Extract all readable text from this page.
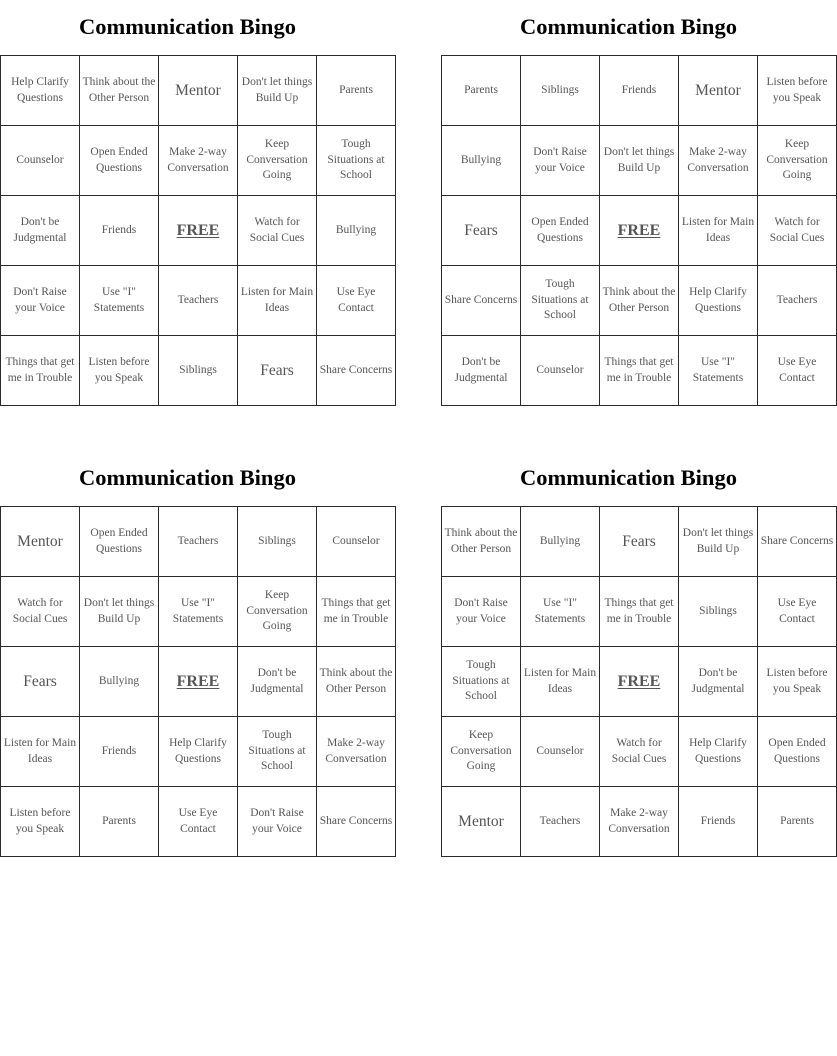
Communication Bingo
Help Clarify Questions	Think about the Other Person	Mentor	Don't let things Build Up	Parents
Counselor	Open Ended Questions	Make 2-way Conversation	Keep Conversation Going	Tough Situations at School
Don't be Judgmental	Friends	FREE	Watch for Social Cues	Bullying
Don't Raise your Voice	Use "I" Statements	Teachers	Listen for Main Ideas	Use Eye Contact
Things that get me in Trouble	Listen before you Speak	Siblings	Fears	Share Concerns
Communication Bingo
Parents	Siblings	Friends	Mentor	Listen before you Speak
Bullying	Don't Raise your Voice	Don't let things Build Up	Make 2-way Conversation	Keep Conversation Going
Fears	Open Ended Questions	FREE	Listen for Main Ideas	Watch for Social Cues
Share Concerns	Tough Situations at School	Think about the Other Person	Help Clarify Questions	Teachers
Don't be Judgmental	Counselor	Things that get me in Trouble	Use "I" Statements	Use Eye Contact
Communication Bingo
Mentor	Open Ended Questions	Teachers	Siblings	Counselor
Watch for Social Cues	Don't let things Build Up	Use "I" Statements	Keep Conversation Going	Things that get me in Trouble
Fears	Bullying	FREE	Don't be Judgmental	Think about the Other Person
Listen for Main Ideas	Friends	Help Clarify Questions	Tough Situations at School	Make 2-way Conversation
Listen before you Speak	Parents	Use Eye Contact	Don't Raise your Voice	Share Concerns
Communication Bingo
Think about the Other Person	Bullying	Fears	Don't let things Build Up	Share Concerns
Don't Raise your Voice	Use "I" Statements	Things that get me in Trouble	Siblings	Use Eye Contact
Tough Situations at School	Listen for Main Ideas	FREE	Don't be Judgmental	Listen before you Speak
Keep Conversation Going	Counselor	Watch for Social Cues	Help Clarify Questions	Open Ended Questions
Mentor	Teachers	Make 2-way Conversation	Friends	Parents
